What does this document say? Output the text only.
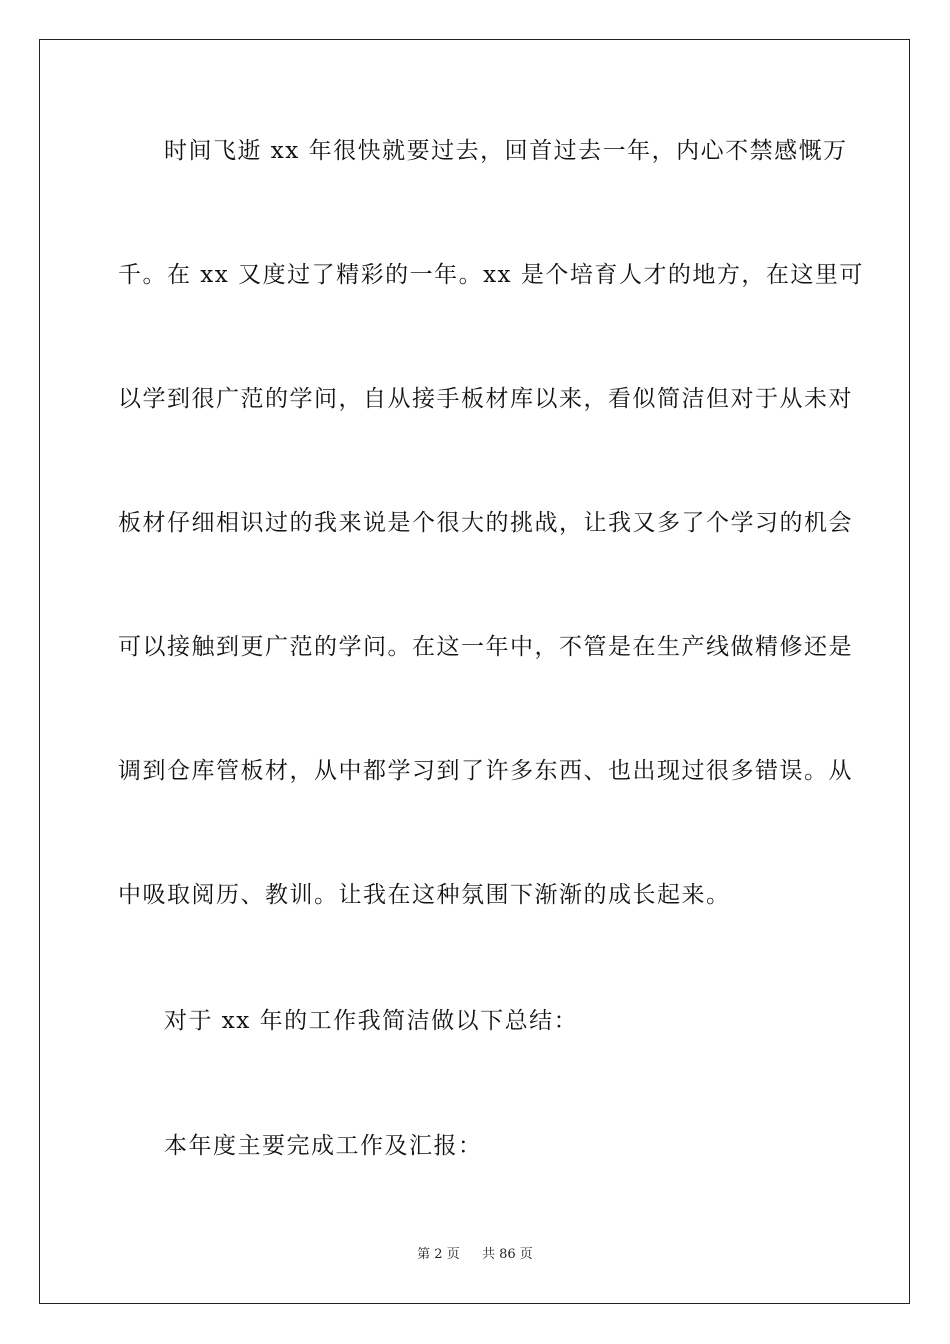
时间飞逝 xx 年很快就要过去，回首过去一年，内心不禁感慨万
千。在 xx 又度过了精彩的一年。xx 是个培育人才的地方，在这里可
以学到很广范的学问，自从接手板材库以来，看似简洁但对于从未对
板材仔细相识过的我来说是个很大的挑战，让我又多了个学习的机会
可以接触到更广范的学问。在这一年中，不管是在生产线做精修还是
调到仓库管板材，从中都学习到了许多东西、也出现过很多错误。从
中吸取阅历、教训。让我在这种氛围下渐渐的成长起来。
对于 xx 年的工作我简洁做以下总结：
本年度主要完成工作及汇报：
第 2 页 共 86 页
